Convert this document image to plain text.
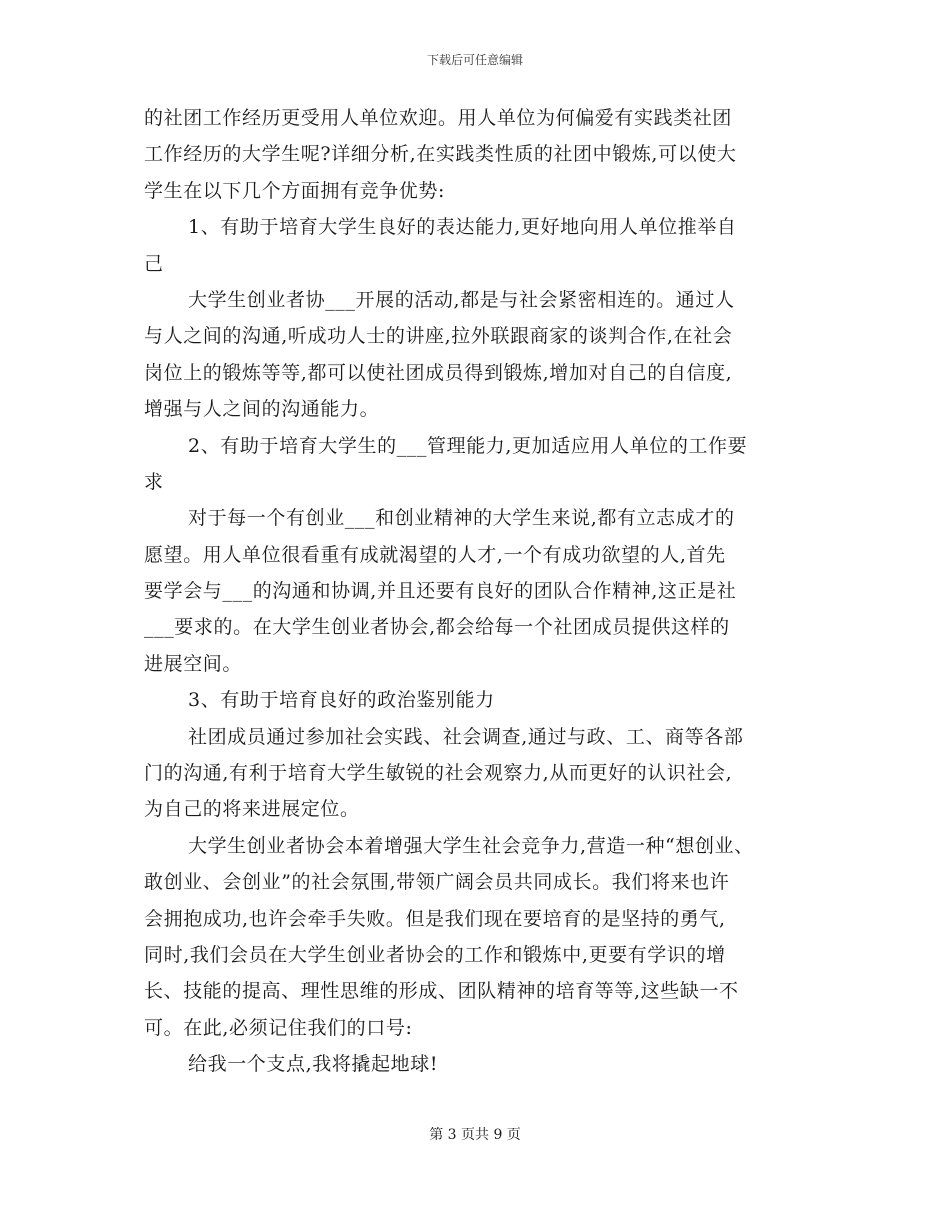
下载后可任意编辑
的社团工作经历更受用人单位欢迎。用人单位为何偏爱有实践类社团
工作经历的大学生呢?详细分析,在实践类性质的社团中锻炼,可以使大
学生在以下几个方面拥有竞争优势:
1、有助于培育大学生良好的表达能力,更好地向用人单位推举自
己
大学生创业者协___开展的活动,都是与社会紧密相连的。通过人
与人之间的沟通,听成功人士的讲座,拉外联跟商家的谈判合作,在社会
岗位上的锻炼等等,都可以使社团成员得到锻炼,增加对自己的自信度,
增强与人之间的沟通能力。
2、有助于培育大学生的___管理能力,更加适应用人单位的工作要
求
对于每一个有创业___和创业精神的大学生来说,都有立志成才的
愿望。用人单位很看重有成就渴望的人才,一个有成功欲望的人,首先
要学会与___的沟通和协调,并且还要有良好的团队合作精神,这正是社
___要求的。在大学生创业者协会,都会给每一个社团成员提供这样的
进展空间。
3、有助于培育良好的政治鉴别能力
社团成员通过参加社会实践、社会调查,通过与政、工、商等各部
门的沟通,有利于培育大学生敏锐的社会观察力,从而更好的认识社会,
为自己的将来进展定位。
大学生创业者协会本着增强大学生社会竞争力,营造一种“想创业、
敢创业、会创业”的社会氛围,带领广阔会员共同成长。我们将来也许
会拥抱成功,也许会牵手失败。但是我们现在要培育的是坚持的勇气,
同时,我们会员在大学生创业者协会的工作和锻炼中,更要有学识的增
长、技能的提高、理性思维的形成、团队精神的培育等等,这些缺一不
可。在此,必须记住我们的口号:
给我一个支点,我将撬起地球!
第 3 页共 9 页
